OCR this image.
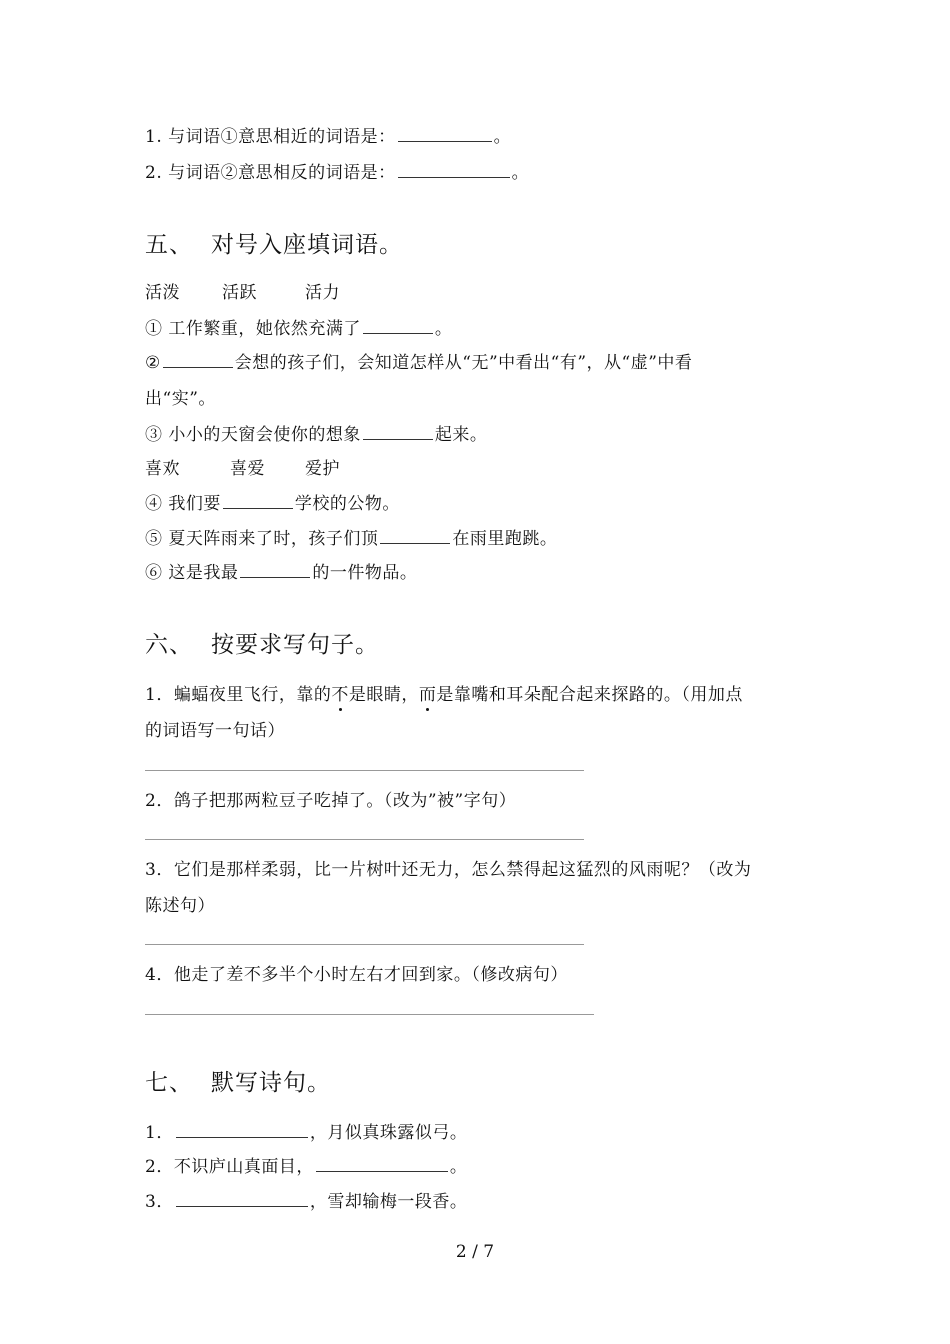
1. 与词语①意思相近的词语是：	。
2. 与词语②意思相反的词语是：	。
五、 对号入座填词语。
活泼 活跃	活力
① 工作繁重，她依然充满了	。
②	会想的孩子们，会知道怎样从“无”中看出“有”，从“虚”中看
出“实”。
③ 小小的天窗会使你的想象	起来。
喜欢	喜爱 爱护
④ 我们要	学校的公物。
⑤ 夏天阵雨来了时，孩子们顶	在雨里跑跳。
⑥ 这是我最	的一件物品。
六、 按要求写句子。
1．蝙蝠夜里飞行，靠的不是眼睛，而是靠嘴和耳朵配合起来探路的。（用加点
的词语写一句话）
2．鸽子把那两粒豆子吃掉了。（改为”被”字句）
3．它们是那样柔弱，比一片树叶还无力，怎么禁得起这猛烈的风雨呢？（改为
陈述句）
4．他走了差不多半个小时左右才回到家。（修改病句）
七、 默写诗句。
1．	，月似真珠露似弓。
2．不识庐山真面目，	。
3．	，雪却输梅一段香。
2 / 7
